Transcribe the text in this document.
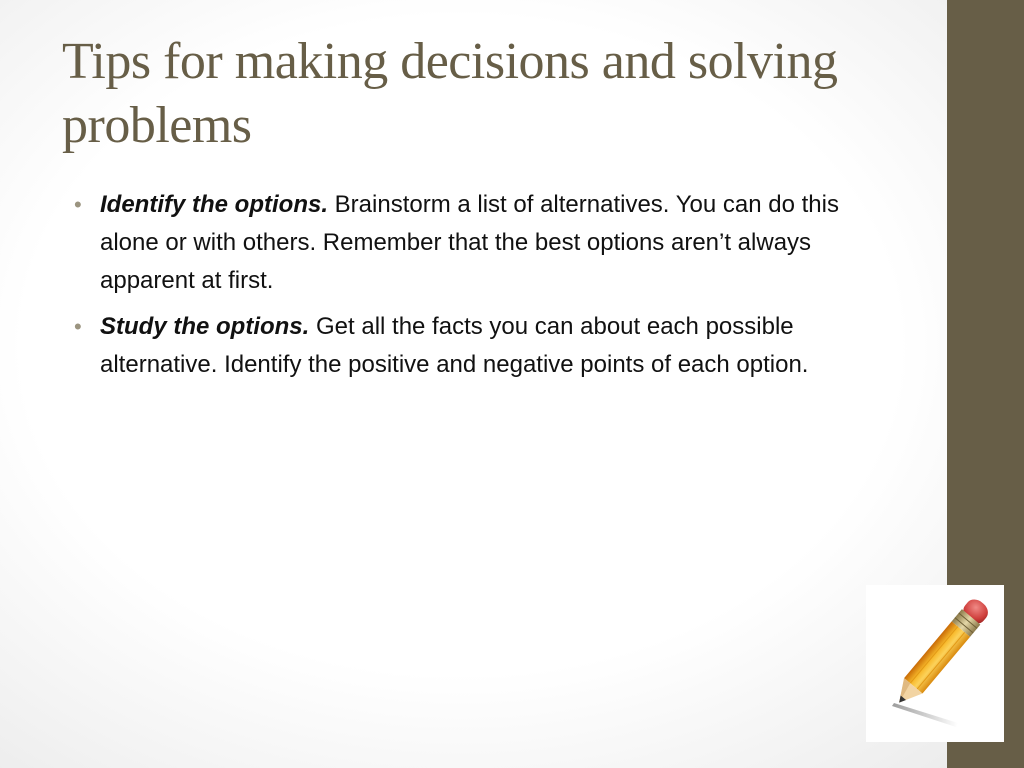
Tips for making decisions and solving problems
• Identify the options. Brainstorm a list of alternatives. You can do this alone or with others. Remember that the best options aren’t always apparent at first.
• Study the options. Get all the facts you can about each possible alternative. Identify the positive and negative points of each option.
